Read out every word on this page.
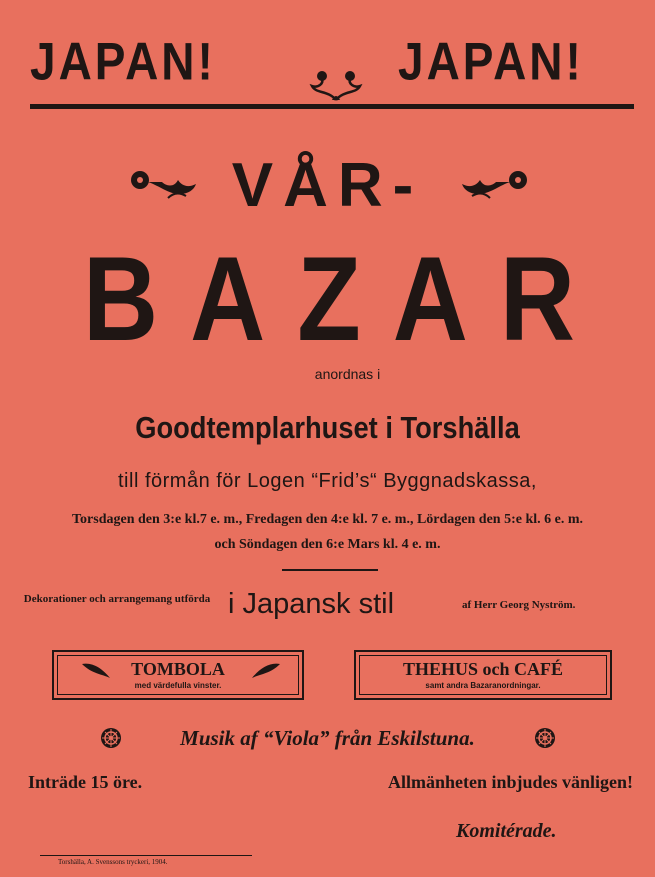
JAPAN!	JAPAN!
VÅR-
BAZAR
anordnas i
Goodtemplarhuset i Torshälla
till förmån för Logen “Frid’s“ Byggnadskassa,
Torsdagen den 3:e kl.7 e. m., Fredagen den 4:e kl. 7 e. m., Lördagen den 5:e kl. 6 e. m.
och Söndagen den 6:e Mars kl. 4 e. m.
Dekorationer och arrangemang utförda i Japansk stil	af Herr Georg Nyström.
TOMBOLA
med värdefulla vinster.
THEHUS och CAFÉ
samt andra Bazaranordningar.
Musik af “Viola” från Eskilstuna.
Inträde 15 öre.	Allmänheten inbjudes vänligen!
Komitérade.
Torshälla, A. Svenssons tryckeri, 1904.
